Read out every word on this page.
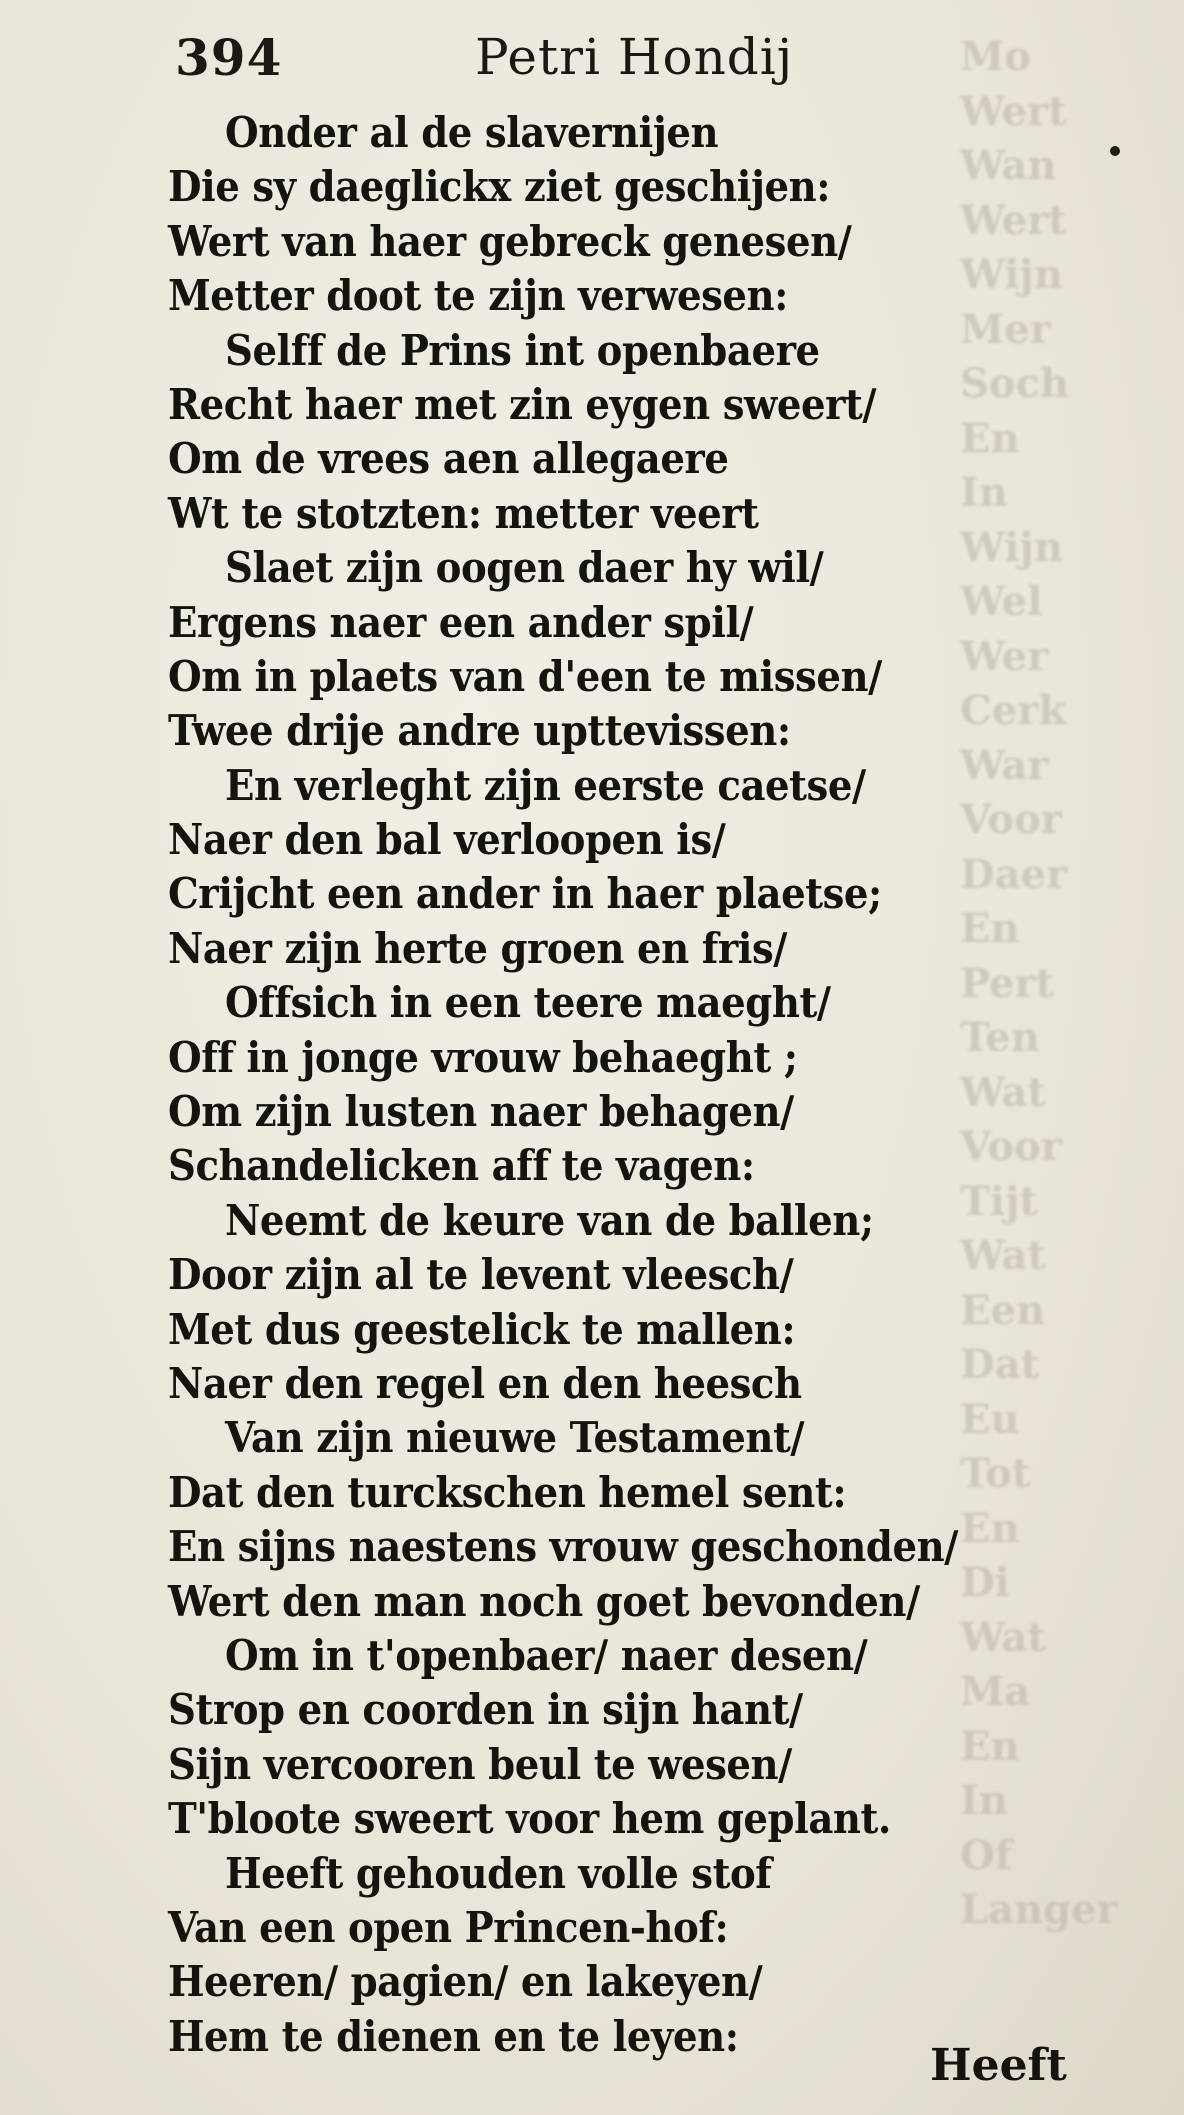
Mo
Wert
Wan
Wert
Wijn
Mer
Soch
En
In
Wijn
Wel
Wer
Cerk
War
Voor
Daer
En
Pert
Ten
Wat
Voor
Tijt
Wat
Een
Dat
Eu
Tot
En
Di
Wat
Ma
En
In
Of
Langer
394	Petri Hondij
Onder al de slavernijen
Die sy daeglickx ziet geschijen:
Wert van haer gebreck genesen/
Metter doot te zijn verwesen:
Selff de Prins int openbaere
Recht haer met zin eygen sweert/
Om de vrees aen allegaere
Wt te stotzten: metter veert
Slaet zijn oogen daer hy wil/
Ergens naer een ander spil/
Om in plaets van d'een te missen/
Twee drije andre upttevissen:
En verleght zijn eerste caetse/
Naer den bal verloopen is/
Crijcht een ander in haer plaetse;
Naer zijn herte groen en fris/
Offsich in een teere maeght/
Off in jonge vrouw behaeght ;
Om zijn lusten naer behagen/
Schandelicken aff te vagen:
Neemt de keure van de ballen;
Door zijn al te levent vleesch/
Met dus geestelick te mallen:
Naer den regel en den heesch
Van zijn nieuwe Testament/
Dat den turckschen hemel sent:
En sijns naestens vrouw geschonden/
Wert den man noch goet bevonden/
Om in t'openbaer/ naer desen/
Strop en coorden in sijn hant/
Sijn vercooren beul te wesen/
T'bloote sweert voor hem geplant.
Heeft gehouden volle stof
Van een open Princen-hof:
Heeren/ pagien/ en lakeyen/
Hem te dienen en te leyen:
Heeft
